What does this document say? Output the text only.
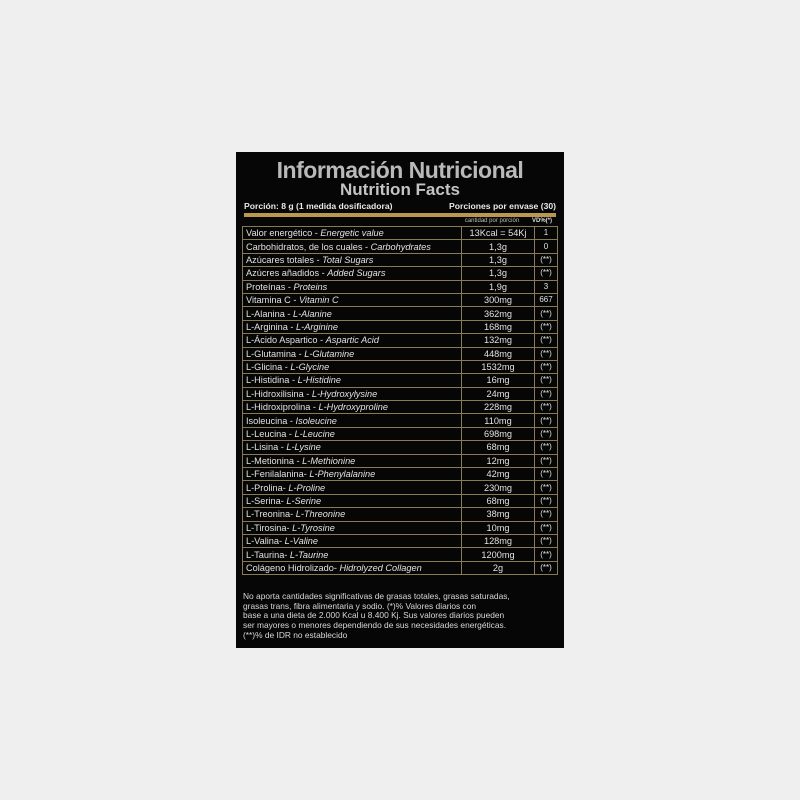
Información Nutricional
Nutrition Facts
Porción: 8 g (1 medida dosificadora)	Porciones por envase (30)
cantidad por porción	VD%(*)
Valor energético - Energetic value	13Kcal = 54Kj	1
Carbohidratos, de los cuales - Carbohydrates	1,3g	0
Azúcares totales - Total Sugars	1,3g	(**)
Azúcres añadidos - Added Sugars	1,3g	(**)
Proteínas - Proteins	1,9g	3
Vitamina C - Vitamin C	300mg	667
L-Alanina - L-Alanine	362mg	(**)
L-Arginina - L-Arginine	168mg	(**)
L-Ácido Aspartico - Aspartic Acid	132mg	(**)
L-Glutamina - L-Glutamine	448mg	(**)
L-Glicina - L-Glycine	1532mg	(**)
L-Histidina - L-Histidine	16mg	(**)
L-Hidroxilisina - L-Hydroxylysine	24mg	(**)
L-Hidroxiprolina - L-Hydroxyproline	228mg	(**)
Isoleucina - Isoleucine	110mg	(**)
L-Leucina - L-Leucine	698mg	(**)
L-Lisina - L-Lysine	68mg	(**)
L-Metionina - L-Methionine	12mg	(**)
L-Fenilalanina- L-Phenylalanine	42mg	(**)
L-Prolina- L-Proline	230mg	(**)
L-Serina- L-Serine	68mg	(**)
L-Treonina- L-Threonine	38mg	(**)
L-Tirosina- L-Tyrosine	10mg	(**)
L-Valina- L-Valine	128mg	(**)
L-Taurina- L-Taurine	1200mg	(**)
Colágeno Hidrolizado- Hidrolyzed Collagen	2g	(**)
No aporta cantidades significativas de grasas totales, grasas saturadas,
grasas trans, fibra alimentaria y sodio. (*)% Valores diarios con
base a una dieta de 2.000 Kcal u 8.400 Kj. Sus valores diarios pueden
ser mayores o menores dependiendo de sus necesidades energéticas.
(**)% de IDR no establecido
